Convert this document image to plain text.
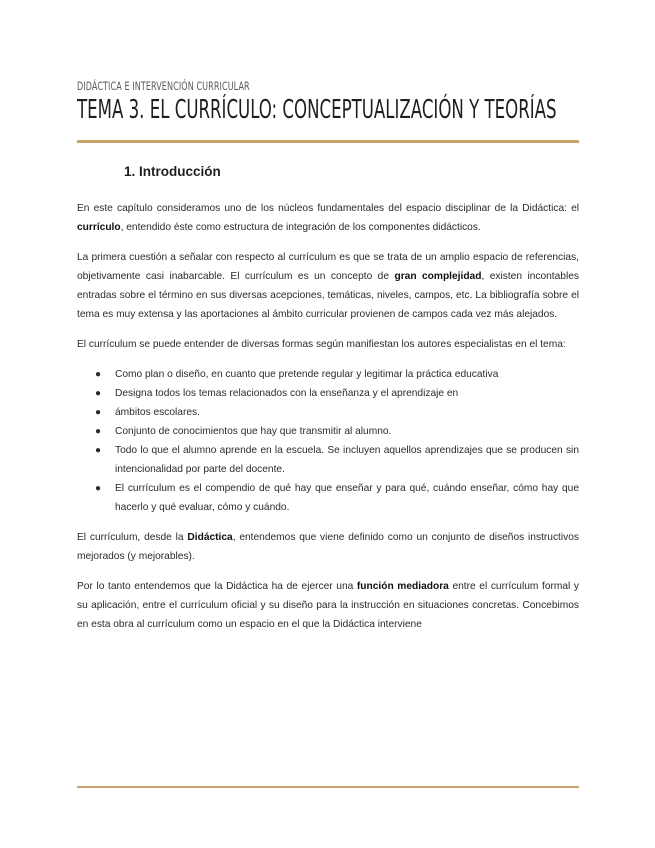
DIDÁCTICA E INTERVENCIÓN CURRICULAR
TEMA 3. EL CURRÍCULO: CONCEPTUALIZACIÓN Y TEORÍAS
1. Introducción

En este capítulo consideramos uno de los núcleos fundamentales del espacio disciplinar de la Didáctica: el currículo, entendido éste como estructura de integración de los componentes didácticos.

La primera cuestión a señalar con respecto al currículum es que se trata de un amplio espacio de referencias, objetivamente casi inabarcable. El currículum es un concepto de gran complejidad, existen incontables entradas sobre el término en sus diversas acepciones, temáticas, niveles, campos, etc. La bibliografía sobre el tema es muy extensa y las aportaciones al ámbito curricular provienen de campos cada vez más alejados.

El currículum se puede entender de diversas formas según manifiestan los autores especialistas en el tema:

● Como plan o diseño, en cuanto que pretende regular y legitimar la práctica educativa
● Designa todos los temas relacionados con la enseñanza y el aprendizaje en
● ámbitos escolares.
● Conjunto de conocimientos que hay que transmitir al alumno.
● Todo lo que el alumno aprende en la escuela. Se incluyen aquellos aprendizajes que se producen sin intencionalidad por parte del docente.
● El currículum es el compendio de qué hay que enseñar y para qué, cuándo enseñar, cómo hay que hacerlo y qué evaluar, cómo y cuándo.

El currículum, desde la Didáctica, entendemos que viene definido como un conjunto de diseños instructivos mejorados (y mejorables).

Por lo tanto entendemos que la Didáctica ha de ejercer una función mediadora entre el currículum formal y su aplicación, entre el currículum oficial y su diseño para la instrucción en situaciones concretas. Concebimos en esta obra al currículum como un espacio en el que la Didáctica interviene
